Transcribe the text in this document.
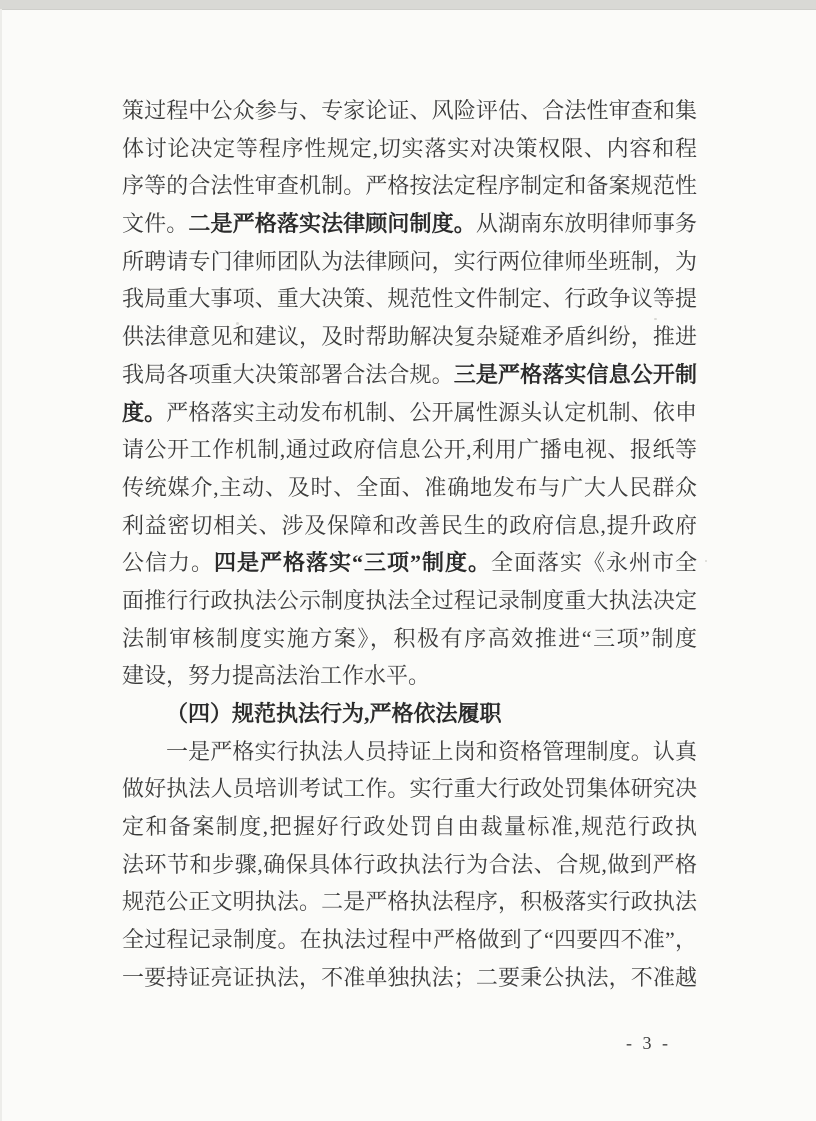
策过程中公众参与、专家论证、风险评估、合法性审查和集
体讨论决定等程序性规定,切实落实对决策权限、内容和程
序等的合法性审查机制。严格按法定程序制定和备案规范性
文件。二是严格落实法律顾问制度。从湖南东放明律师事务
所聘请专门律师团队为法律顾问，实行两位律师坐班制，为
我局重大事项、重大决策、规范性文件制定、行政争议等提
供法律意见和建议，及时帮助解决复杂疑难矛盾纠纷，推进
我局各项重大决策部署合法合规。三是严格落实信息公开制
度。严格落实主动发布机制、公开属性源头认定机制、依申
请公开工作机制,通过政府信息公开,利用广播电视、报纸等
传统媒介,主动、及时、全面、准确地发布与广大人民群众
利益密切相关、涉及保障和改善民生的政府信息,提升政府
公信力。四是严格落实“三项”制度。全面落实《永州市全
面推行行政执法公示制度执法全过程记录制度重大执法决定
法制审核制度实施方案》，积极有序高效推进“三项”制度
建设，努力提高法治工作水平。
（四）规范执法行为,严格依法履职
一是严格实行执法人员持证上岗和资格管理制度。认真
做好执法人员培训考试工作。实行重大行政处罚集体研究决
定和备案制度,把握好行政处罚自由裁量标准,规范行政执
法环节和步骤,确保具体行政执法行为合法、合规,做到严格
规范公正文明执法。二是严格执法程序，积极落实行政执法
全过程记录制度。在执法过程中严格做到了“四要四不准”，
一要持证亮证执法，不准单独执法；二要秉公执法，不准越
- 3 -
